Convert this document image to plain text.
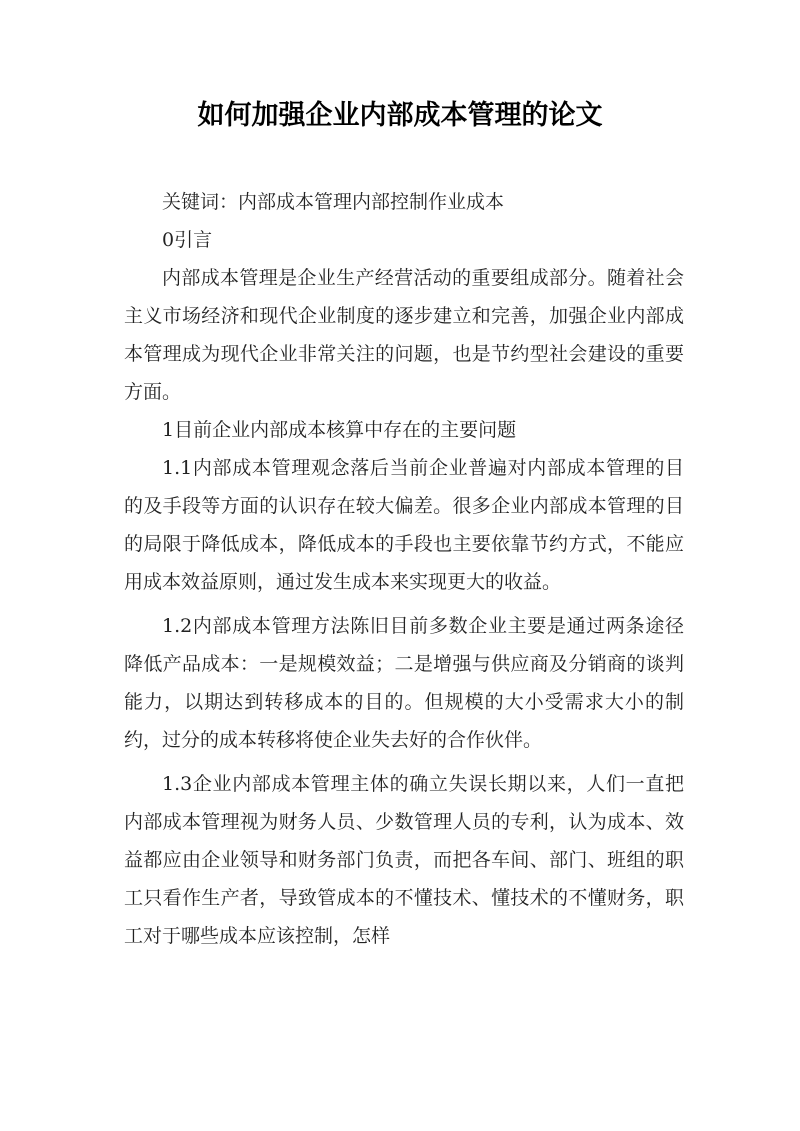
如何加强企业内部成本管理的论文

关键词：内部成本管理内部控制作业成本

0引言

内部成本管理是企业生产经营活动的重要组成部分。随着社会主义市场经济和现代企业制度的逐步建立和完善，加强企业内部成本管理成为现代企业非常关注的问题，也是节约型社会建设的重要方面。

1目前企业内部成本核算中存在的主要问题

1.1内部成本管理观念落后当前企业普遍对内部成本管理的目的及手段等方面的认识存在较大偏差。很多企业内部成本管理的目的局限于降低成本，降低成本的手段也主要依靠节约方式，不能应用成本效益原则，通过发生成本来实现更大的收益。

1.2内部成本管理方法陈旧目前多数企业主要是通过两条途径降低产品成本：一是规模效益；二是增强与供应商及分销商的谈判能力，以期达到转移成本的目的。但规模的大小受需求大小的制约，过分的成本转移将使企业失去好的合作伙伴。

1.3企业内部成本管理主体的确立失误长期以来，人们一直把内部成本管理视为财务人员、少数管理人员的专利，认为成本、效益都应由企业领导和财务部门负责，而把各车间、部门、班组的职工只看作生产者，导致管成本的不懂技术、懂技术的不懂财务，职工对于哪些成本应该控制，怎样
